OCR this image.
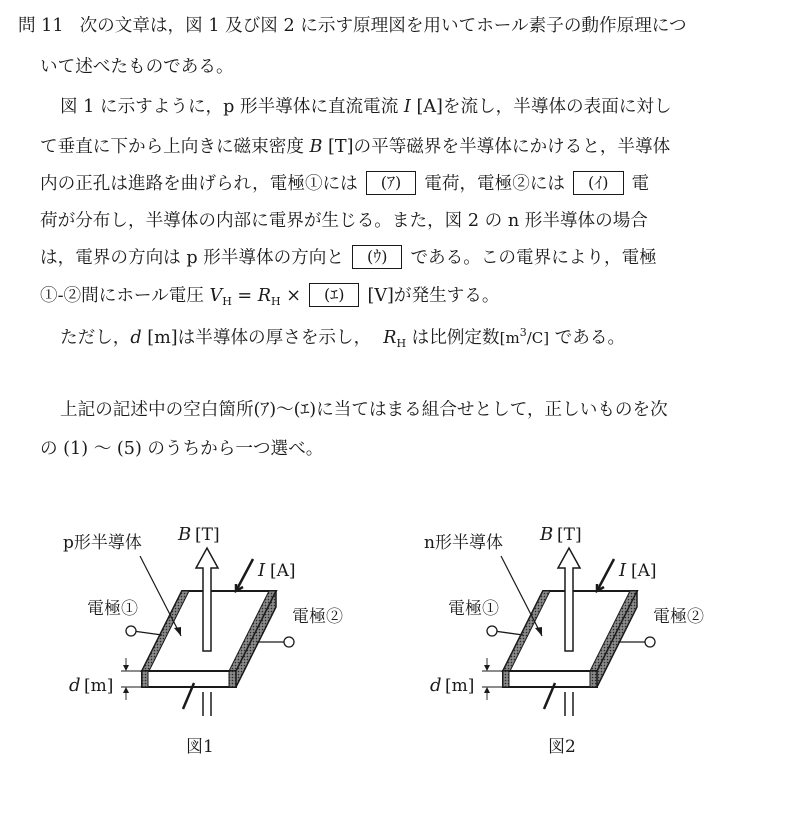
問 11 次の文章は，図 1 及び図 2 に示す原理図を用いてホール素子の動作原理につ
いて述べたものである。
図 1 に示すように，p 形半導体に直流電流 I [A]を流し，半導体の表面に対し
て垂直に下から上向きに磁束密度 B [T]の平等磁界を半導体にかけると，半導体
内の正孔は進路を曲げられ，電極①には (ｱ) 電荷，電極②には (ｲ) 電
荷が分布し，半導体の内部に電界が生じる。また，図 2 の n 形半導体の場合
は，電界の方向は p 形半導体の方向と (ｳ) である。この電界により，電極
①-②間にホール電圧 $V_H = R_H$ × (ｴ) [V]が発生する。
ただし，d [m]は半導体の厚さを示し， $R_H$ は比例定数$[m^3/C]$ である。
上記の記述中の空白箇所(ｱ)～(ｴ)に当てはまる組合せとして，正しいものを次
の (1) ～ (5) のうちから一つ選べ。
p形半導体 B [T]
I [A]
電極①	電極②
d [m]
図1
n形半導体 B [T]
I [A]
電極①	電極②
d [m]
図2
